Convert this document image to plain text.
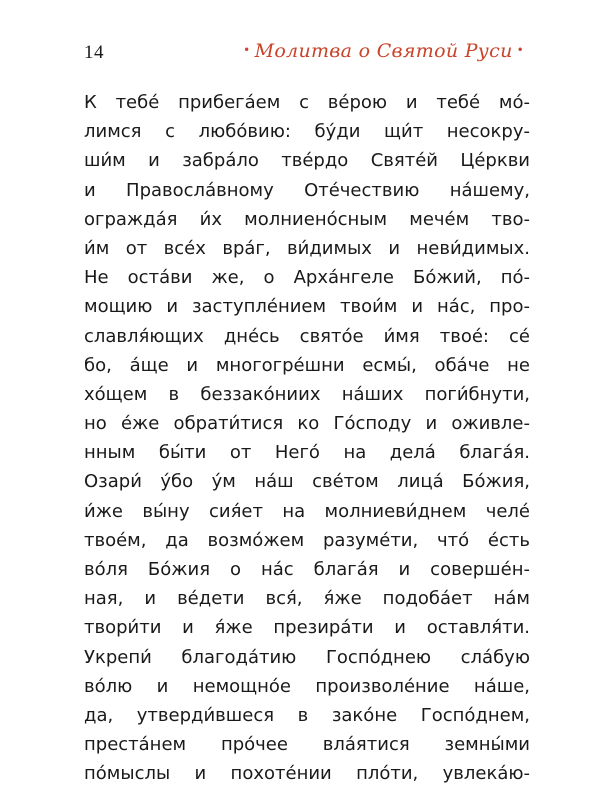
14	• Молитва о Святой Руси •
К тебе́ прибега́ем с ве́рою и тебе́ мо́-
лимся с любо́вию: бу́ди щи́т несокру-
ши́м и забра́ло тве́рдо Святе́й Це́ркви
и Правосла́вному Оте́чествию на́шему,
огражда́я и́х молниено́сным мече́м тво-
и́м от все́х вра́г, ви́димых и неви́димых.
Не оста́ви же, о Арха́нгеле Бо́жий, по́-
мощию и заступле́нием твои́м и на́с, про-
славля́ющих дне́сь свято́е и́мя твое́: се́
бо, а́ще и многогре́шни есмы́, оба́че не
хо́щем в беззако́ниих на́ших поги́бнути,
но е́же обрати́тися ко Го́споду и оживле-
нным бы́ти от Него́ на дела́ блага́я.
Озари́ у́бо у́м на́ш све́том лица́ Бо́жия,
и́же вы́ну сия́ет на молниеви́днем челе́
твое́м, да возмо́жем разуме́ти, что́ е́сть
во́ля Бо́жия о на́с блага́я и соверше́н-
ная, и ве́дети вся́, я́же подоба́ет на́м
твори́ти и я́же презира́ти и оставля́ти.
Укрепи́ благода́тию Госпо́днею сла́бую
во́лю и немощно́е произволе́ние на́ше,
да, утверди́вшеся в зако́не Госпо́днем,
преста́нем про́чее вла́ятися земны́ми
по́мыслы и похоте́нии пло́ти, увлека́ю-
